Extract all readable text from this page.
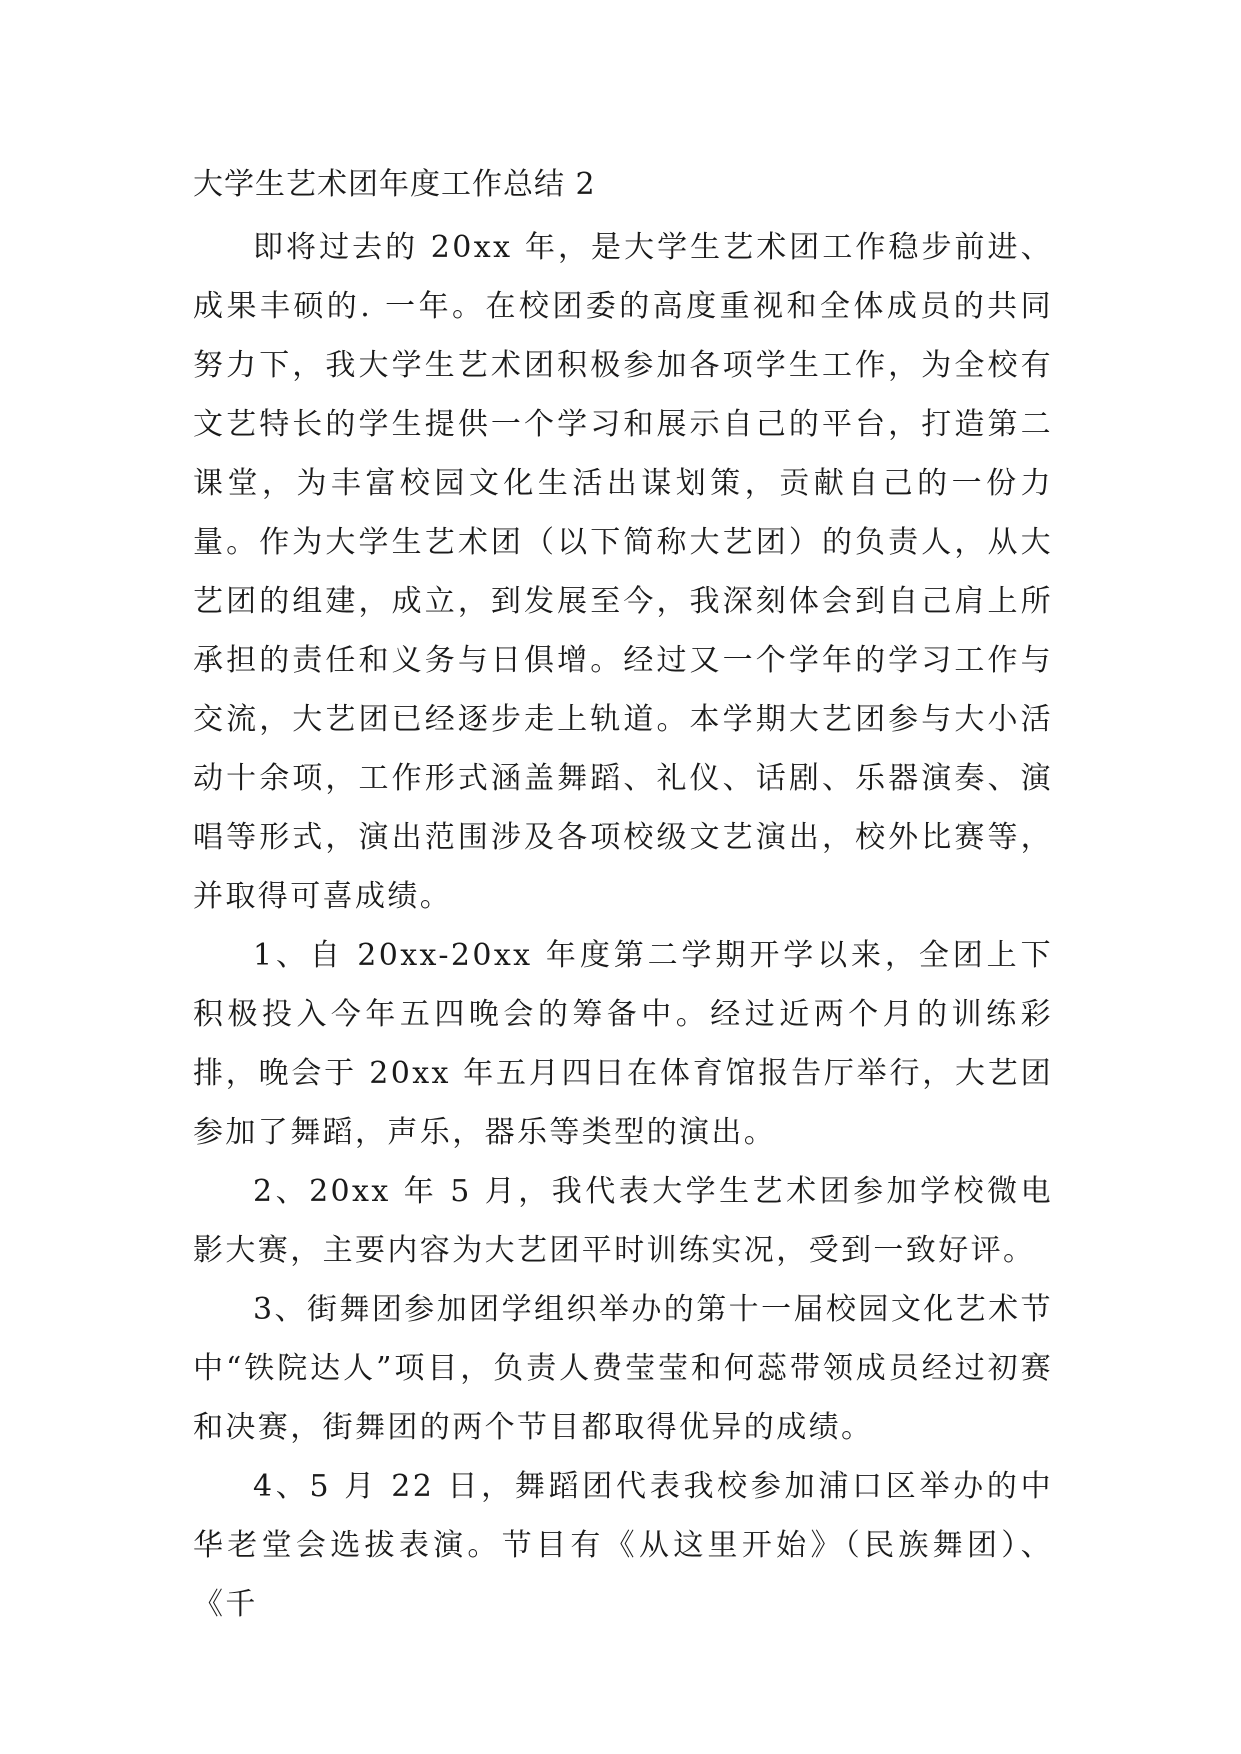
大学生艺术团年度工作总结 2

即将过去的 20xx 年，是大学生艺术团工作稳步前进、成果丰硕的. 一年。在校团委的高度重视和全体成员的共同努力下，我大学生艺术团积极参加各项学生工作，为全校有文艺特长的学生提供一个学习和展示自己的平台，打造第二课堂，为丰富校园文化生活出谋划策，贡献自己的一份力量。作为大学生艺术团（以下简称大艺团）的负责人，从大艺团的组建，成立，到发展至今，我深刻体会到自己肩上所承担的责任和义务与日俱增。经过又一个学年的学习工作与交流，大艺团已经逐步走上轨道。本学期大艺团参与大小活动十余项，工作形式涵盖舞蹈、礼仪、话剧、乐器演奏、演唱等形式，演出范围涉及各项校级文艺演出，校外比赛等，并取得可喜成绩。

1、自 20xx-20xx 年度第二学期开学以来，全团上下积极投入今年五四晚会的筹备中。经过近两个月的训练彩排，晚会于 20xx 年五月四日在体育馆报告厅举行，大艺团参加了舞蹈，声乐，器乐等类型的演出。

2、20xx 年 5 月，我代表大学生艺术团参加学校微电影大赛，主要内容为大艺团平时训练实况，受到一致好评。

3、街舞团参加团学组织举办的第十一届校园文化艺术节中“铁院达人”项目，负责人费莹莹和何蕊带领成员经过初赛和决赛，街舞团的两个节目都取得优异的成绩。

4、5 月 22 日，舞蹈团代表我校参加浦口区举办的中华老堂会选拔表演。节目有《从这里开始》（民族舞团）、《千
